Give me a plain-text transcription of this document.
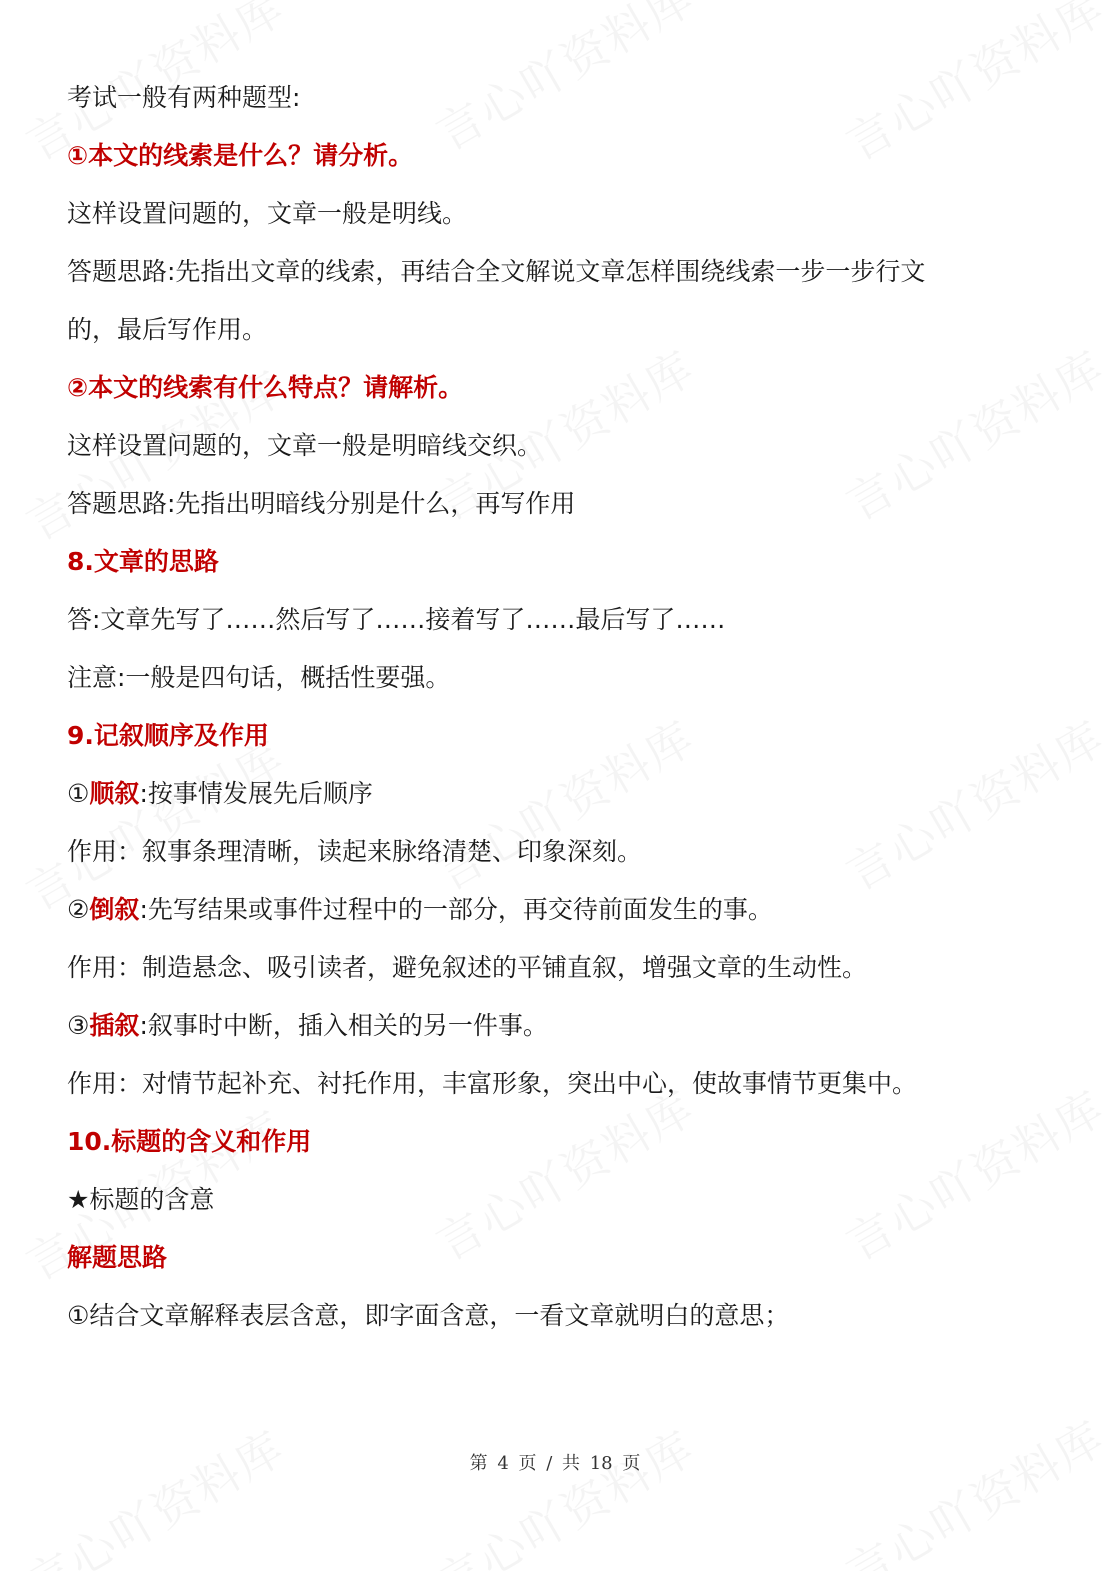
考试一般有两种题型:
①本文的线索是什么？请分析。
这样设置问题的，文章一般是明线。
答题思路:先指出文章的线索，再结合全文解说文章怎样围绕线索一步一步行文
的，最后写作用。
②本文的线索有什么特点？请解析。
这样设置问题的，文章一般是明暗线交织。
答题思路:先指出明暗线分别是什么，再写作用
8.文章的思路
答:文章先写了……然后写了……接着写了……最后写了……
注意:一般是四句话，概括性要强。
9.记叙顺序及作用
①顺叙:按事情发展先后顺序
作用：叙事条理清晰，读起来脉络清楚、印象深刻。
②倒叙:先写结果或事件过程中的一部分，再交待前面发生的事。
作用：制造悬念、吸引读者，避免叙述的平铺直叙，增强文章的生动性。
③插叙:叙事时中断，插入相关的另一件事。
作用：对情节起补充、衬托作用，丰富形象，突出中心，使故事情节更集中。
10.标题的含义和作用
★标题的含意
解题思路
①结合文章解释表层含意，即字面含意，一看文章就明白的意思；
第 4 页 / 共 18 页
